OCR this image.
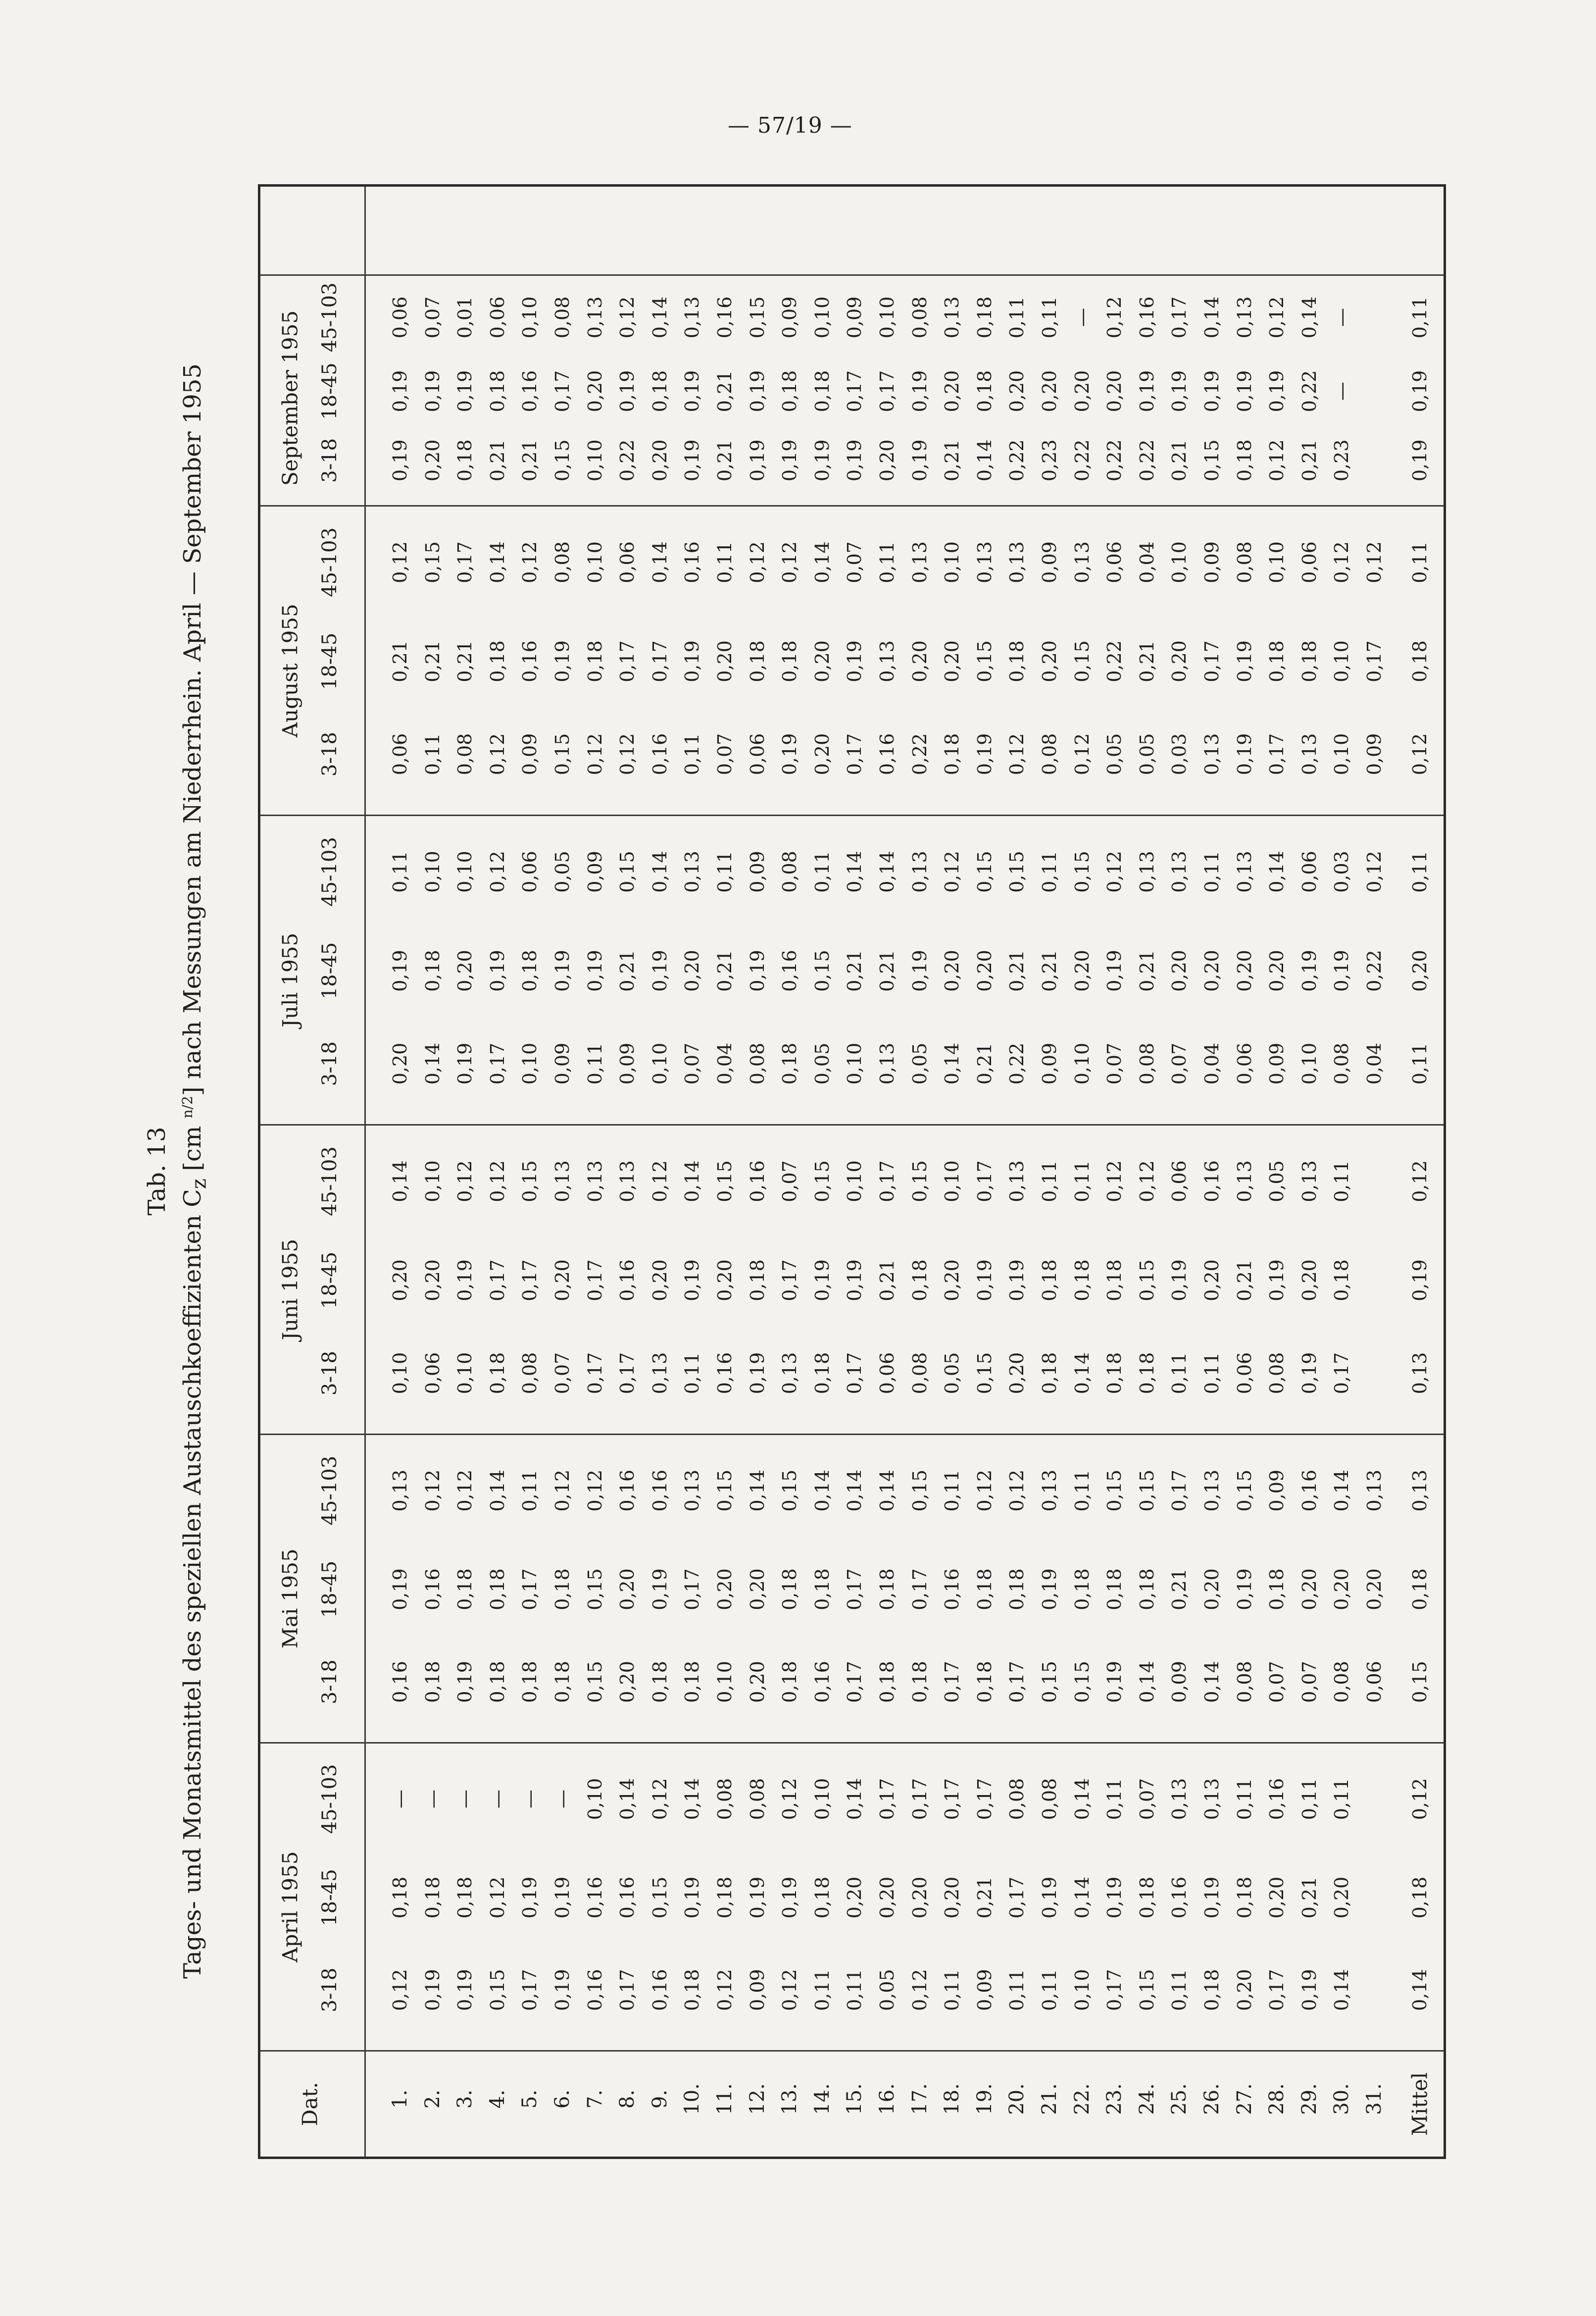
— 57/19 —
Tab. 13
Tages- und Monatsmittel des speziellen Austauschkoeffizienten $C_z$ [cm $^{n/2}$] nach Messungen am Niederrhein. April — September 1955
Dat.	Mittel
1. 2. 3. 4. 5. 6. 7. 8. 9. 10. 11. 12. 13. 14. 15. 16. 17. 18. 19. 20. 21. 22. 23. 24. 25. 26. 27. 28. 29. 30. 31.
April 1955
3-18
18-45
45-103
0,12 0,19 0,19 0,15 0,17 0,19 0,16 0,17 0,16 0,18 0,12 0,09 0,12 0,11 0,11 0,05 0,12 0,11 0,09 0,11 0,11 0,10 0,17 0,15 0,11 0,18 0,20 0,17 0,19 0,14
0,18 0,18 0,18 0,12 0,19 0,19 0,16 0,16 0,15 0,19 0,18 0,19 0,19 0,18 0,20 0,20 0,20 0,20 0,21 0,17 0,19 0,14 0,19 0,18 0,16 0,19 0,18 0,20 0,21 0,20
— — — — — — 0,10 0,14 0,12 0,14 0,08 0,08 0,12 0,10 0,14 0,17 0,17 0,17 0,17 0,08 0,08 0,14 0,11 0,07 0,13 0,13 0,11 0,16 0,11 0,11
0,14
0,18
0,12
Mai 1955
3-18
18-45
45-103
0,16 0,18 0,19 0,18 0,18 0,18 0,15 0,20 0,18 0,18 0,10 0,20 0,18 0,16 0,17 0,18 0,18 0,17 0,18 0,17 0,15 0,15 0,19 0,14 0,09 0,14 0,08 0,07 0,07 0,08 0,06
0,19 0,16 0,18 0,18 0,17 0,18 0,15 0,20 0,19 0,17 0,20 0,20 0,18 0,18 0,17 0,18 0,17 0,16 0,18 0,18 0,19 0,18 0,18 0,18 0,21 0,20 0,19 0,18 0,20 0,20 0,20
0,13 0,12 0,12 0,14 0,11 0,12 0,12 0,16 0,16 0,13 0,15 0,14 0,15 0,14 0,14 0,14 0,15 0,11 0,12 0,12 0,13 0,11 0,15 0,15 0,17 0,13 0,15 0,09 0,16 0,14 0,13
0,15
0,18
0,13
Juni 1955
3-18
18-45
45-103
0,10 0,06 0,10 0,18 0,08 0,07 0,17 0,17 0,13 0,11 0,16 0,19 0,13 0,18 0,17 0,06 0,08 0,05 0,15 0,20 0,18 0,14 0,18 0,18 0,11 0,11 0,06 0,08 0,19 0,17
0,20 0,20 0,19 0,17 0,17 0,20 0,17 0,16 0,20 0,19 0,20 0,18 0,17 0,19 0,19 0,21 0,18 0,20 0,19 0,19 0,18 0,18 0,18 0,15 0,19 0,20 0,21 0,19 0,20 0,18
0,14 0,10 0,12 0,12 0,15 0,13 0,13 0,13 0,12 0,14 0,15 0,16 0,07 0,15 0,10 0,17 0,15 0,10 0,17 0,13 0,11 0,11 0,12 0,12 0,06 0,16 0,13 0,05 0,13 0,11
0,13
0,19
0,12
Juli 1955
3-18
18-45
45-103
0,20 0,14 0,19 0,17 0,10 0,09 0,11 0,09 0,10 0,07 0,04 0,08 0,18 0,05 0,10 0,13 0,05 0,14 0,21 0,22 0,09 0,10 0,07 0,08 0,07 0,04 0,06 0,09 0,10 0,08 0,04
0,19 0,18 0,20 0,19 0,18 0,19 0,19 0,21 0,19 0,20 0,21 0,19 0,16 0,15 0,21 0,21 0,19 0,20 0,20 0,21 0,21 0,20 0,19 0,21 0,20 0,20 0,20 0,20 0,19 0,19 0,22
0,11 0,10 0,10 0,12 0,06 0,05 0,09 0,15 0,14 0,13 0,11 0,09 0,08 0,11 0,14 0,14 0,13 0,12 0,15 0,15 0,11 0,15 0,12 0,13 0,13 0,11 0,13 0,14 0,06 0,03 0,12
0,11
0,20
0,11
August 1955
3-18
18-45
45-103
0,06 0,11 0,08 0,12 0,09 0,15 0,12 0,12 0,16 0,11 0,07 0,06 0,19 0,20 0,17 0,16 0,22 0,18 0,19 0,12 0,08 0,12 0,05 0,05 0,03 0,13 0,19 0,17 0,13 0,10 0,09
0,21 0,21 0,21 0,18 0,16 0,19 0,18 0,17 0,17 0,19 0,20 0,18 0,18 0,20 0,19 0,13 0,20 0,20 0,15 0,18 0,20 0,15 0,22 0,21 0,20 0,17 0,19 0,18 0,18 0,10 0,17
0,12 0,15 0,17 0,14 0,12 0,08 0,10 0,06 0,14 0,16 0,11 0,12 0,12 0,14 0,07 0,11 0,13 0,10 0,13 0,13 0,09 0,13 0,06 0,04 0,10 0,09 0,08 0,10 0,06 0,12 0,12
0,12
0,18
0,11
September 1955 3-18
18-45
45-103
0,19 0,20 0,18 0,21 0,21 0,15 0,10 0,22 0,20 0,19 0,21 0,19 0,19 0,19 0,19 0,20 0,19 0,21 0,14 0,22 0,23 0,22 0,22 0,22 0,21 0,15 0,18 0,12 0,21 0,23
0,19 0,19 0,19 0,18 0,16 0,17 0,20 0,19 0,18 0,19 0,21 0,19 0,18 0,18 0,17 0,17 0,19 0,20 0,18 0,20 0,20 0,20 0,20 0,19 0,19 0,19 0,19 0,19 0,22 —
0,06 0,07 0,01 0,06 0,10 0,08 0,13 0,12 0,14 0,13 0,16 0,15 0,09 0,10 0,09 0,10 0,08 0,13 0,18 0,11 0,11 — 0,12 0,16 0,17 0,14 0,13 0,12 0,14 —
0,19
0,19
0,11
